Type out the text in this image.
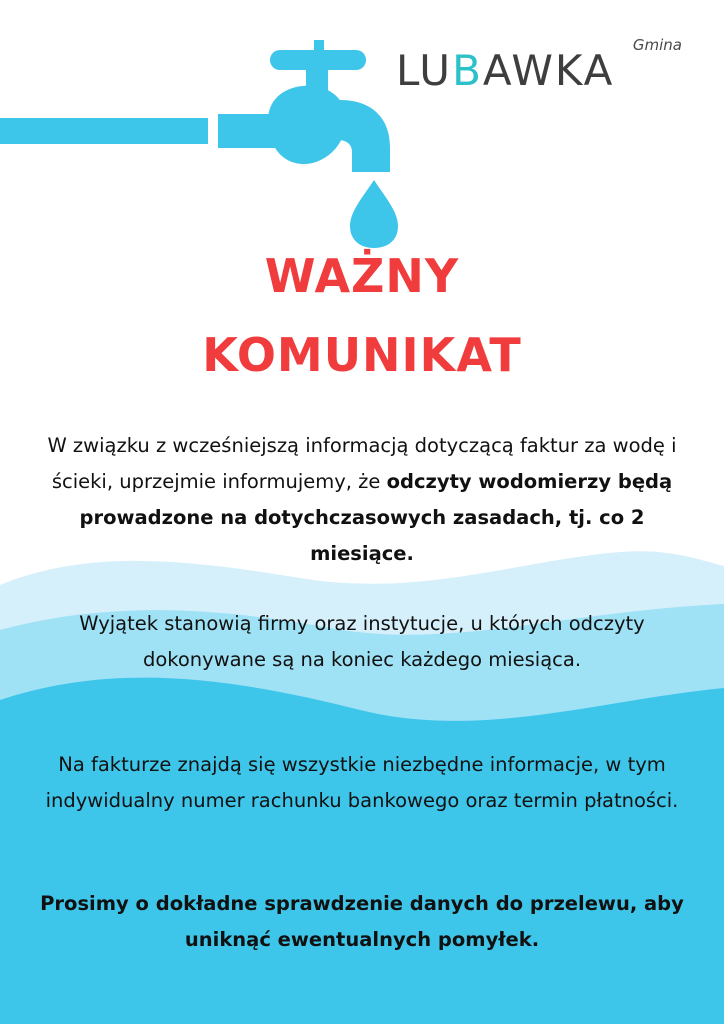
Gmina
LUBAWKA
WAŻNY
KOMUNIKAT
W związku z wcześniejszą informacją dotyczącą faktur za wodę i ścieki, uprzejmie informujemy, że odczyty wodomierzy będą prowadzone na dotychczasowych zasadach, tj. co 2 miesiące.
Wyjątek stanowią firmy oraz instytucje, u których odczyty dokonywane są na koniec każdego miesiąca.
Na fakturze znajdą się wszystkie niezbędne informacje, w tym indywidualny numer rachunku bankowego oraz termin płatności.
Prosimy o dokładne sprawdzenie danych do przelewu, aby uniknąć ewentualnych pomyłek.
